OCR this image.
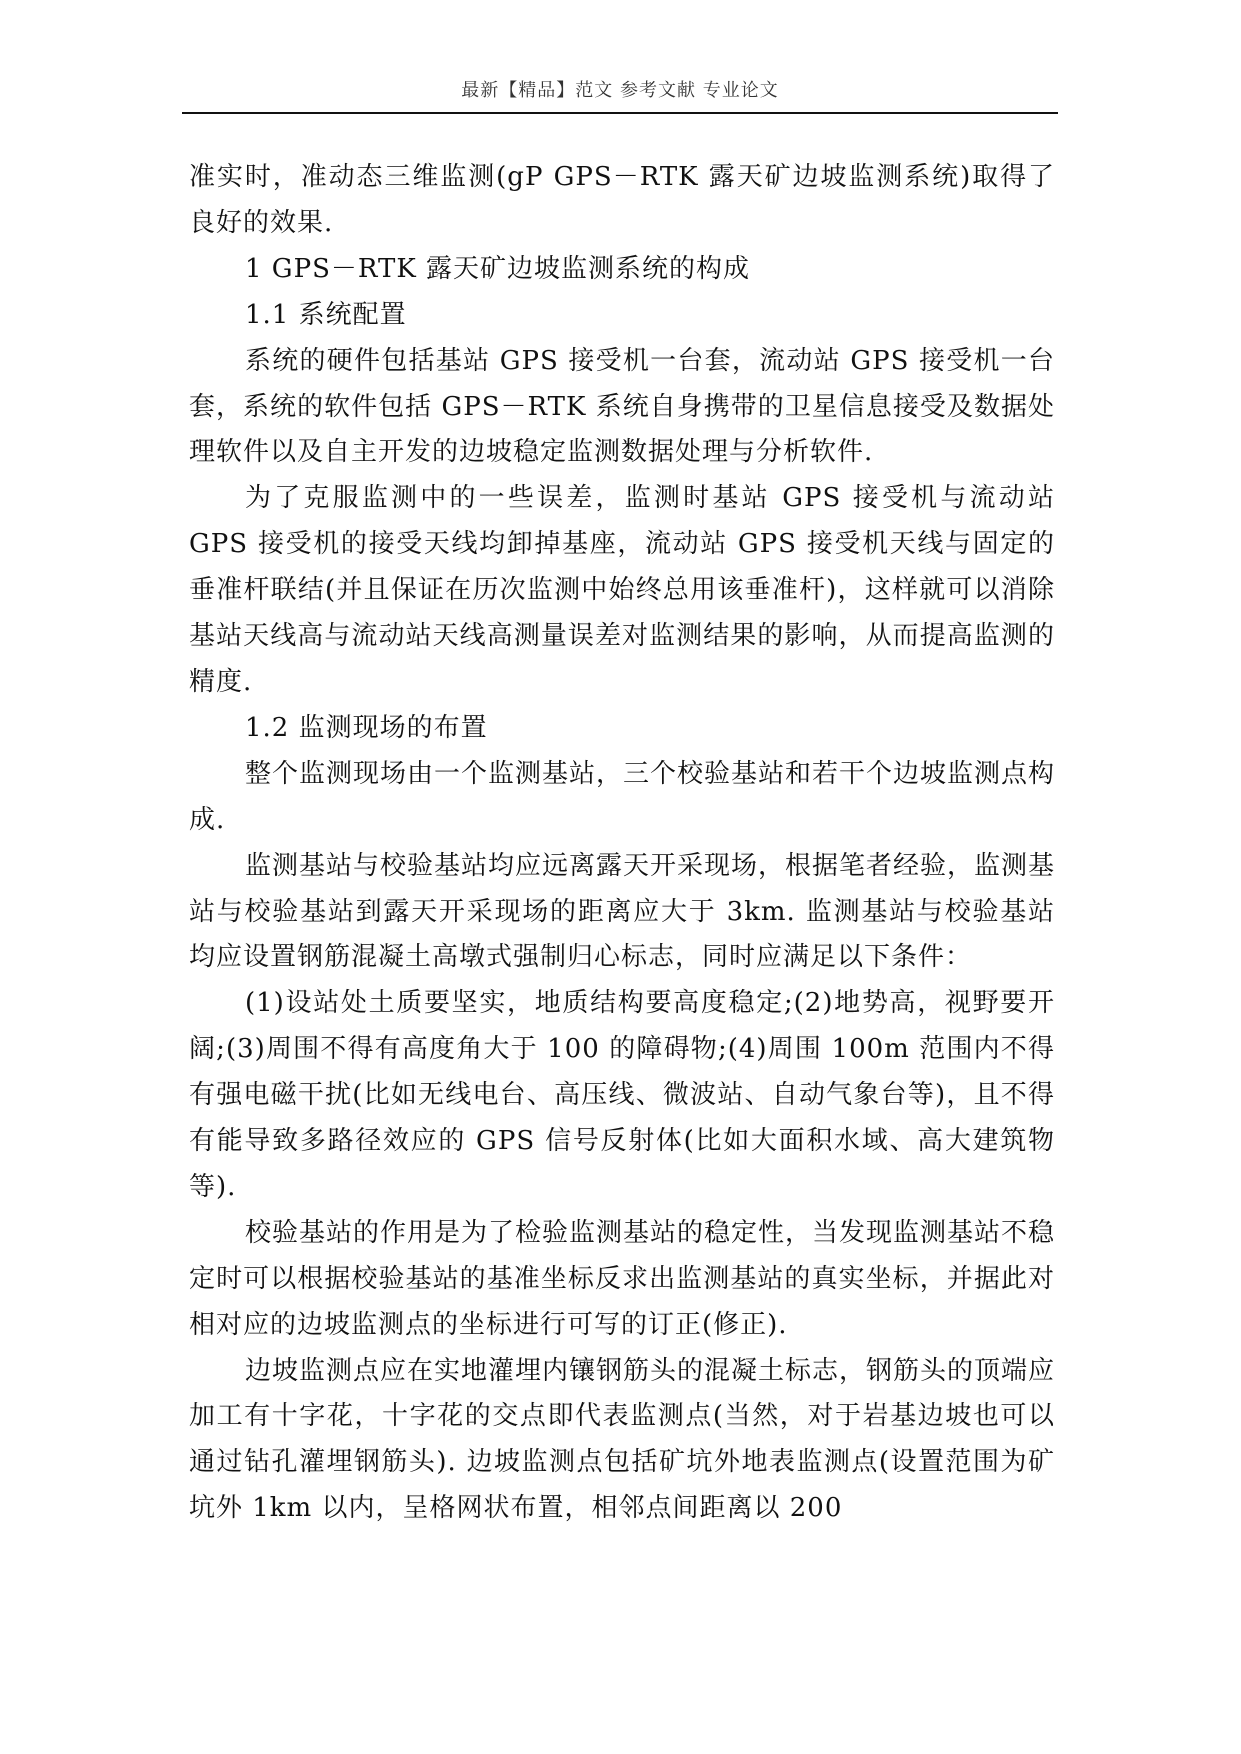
最新【精品】范文 参考文献 专业论文

准实时，准动态三维监测(gP GPS－RTK 露天矿边坡监测系统)取得了良好的效果.

1 GPS－RTK 露天矿边坡监测系统的构成

1.1 系统配置

系统的硬件包括基站 GPS 接受机一台套，流动站 GPS 接受机一台套，系统的软件包括 GPS－RTK 系统自身携带的卫星信息接受及数据处理软件以及自主开发的边坡稳定监测数据处理与分析软件.

为了克服监测中的一些误差，监测时基站 GPS 接受机与流动站 GPS 接受机的接受天线均卸掉基座，流动站 GPS 接受机天线与固定的垂准杆联结(并且保证在历次监测中始终总用该垂准杆)，这样就可以消除基站天线高与流动站天线高测量误差对监测结果的影响，从而提高监测的精度.

1.2 监测现场的布置

整个监测现场由一个监测基站，三个校验基站和若干个边坡监测点构成.

监测基站与校验基站均应远离露天开采现场，根据笔者经验，监测基站与校验基站到露天开采现场的距离应大于 3km. 监测基站与校验基站均应设置钢筋混凝土高墩式强制归心标志，同时应满足以下条件：

(1)设站处土质要坚实，地质结构要高度稳定;(2)地势高，视野要开阔;(3)周围不得有高度角大于 100 的障碍物;(4)周围 100m 范围内不得有强电磁干扰(比如无线电台、高压线、微波站、自动气象台等)，且不得有能导致多路径效应的 GPS 信号反射体(比如大面积水域、高大建筑物等).

校验基站的作用是为了检验监测基站的稳定性，当发现监测基站不稳定时可以根据校验基站的基准坐标反求出监测基站的真实坐标，并据此对相对应的边坡监测点的坐标进行可写的订正(修正).

边坡监测点应在实地灌埋内镶钢筋头的混凝土标志，钢筋头的顶端应加工有十字花，十字花的交点即代表监测点(当然，对于岩基边坡也可以通过钻孔灌埋钢筋头). 边坡监测点包括矿坑外地表监测点(设置范围为矿坑外 1km 以内，呈格网状布置，相邻点间距离以 200
